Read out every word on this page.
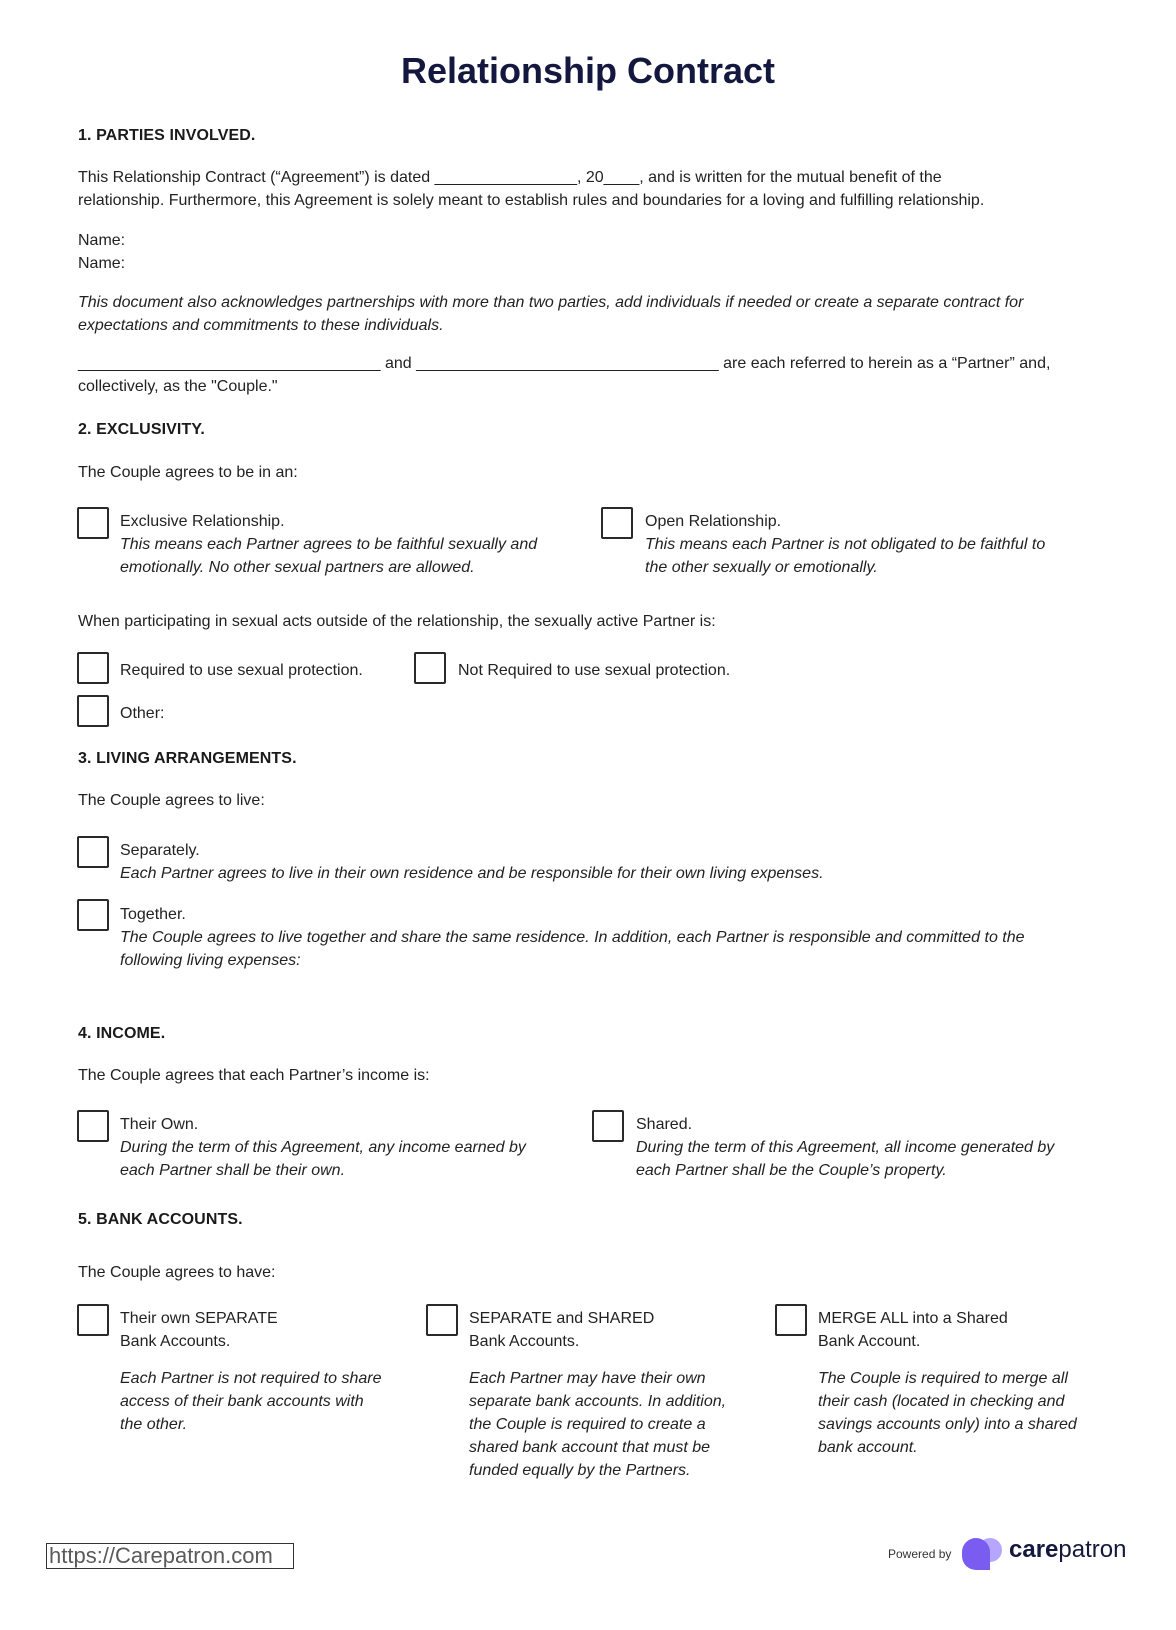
Relationship Contract
1. PARTIES INVOLVED.
This Relationship Contract (“Agreement”) is dated ________________, 20____, and is written for the mutual benefit of the
relationship. Furthermore, this Agreement is solely meant to establish rules and boundaries for a loving and fulfilling relationship.
Name:
Name:
This document also acknowledges partnerships with more than two parties, add individuals if needed or create a separate contract for
expectations and commitments to these individuals.
__________________________________ and __________________________________ are each referred to herein as a “Partner” and,
collectively, as the "Couple."
2. EXCLUSIVITY.
The Couple agrees to be in an:
Exclusive Relationship.
This means each Partner agrees to be faithful sexually and
emotionally. No other sexual partners are allowed.
Open Relationship.
This means each Partner is not obligated to be faithful to
the other sexually or emotionally.
When participating in sexual acts outside of the relationship, the sexually active Partner is:
Required to use sexual protection.	Not Required to use sexual protection.
Other:
3. LIVING ARRANGEMENTS.
The Couple agrees to live:
Separately.
Each Partner agrees to live in their own residence and be responsible for their own living expenses.
Together.
The Couple agrees to live together and share the same residence. In addition, each Partner is responsible and committed to the
following living expenses:
4. INCOME.
The Couple agrees that each Partner’s income is:
Their Own.
During the term of this Agreement, any income earned by
each Partner shall be their own.
Shared.
During the term of this Agreement, all income generated by
each Partner shall be the Couple’s property.
5. BANK ACCOUNTS.
The Couple agrees to have:
Their own SEPARATE
Bank Accounts.
Each Partner is not required to share
access of their bank accounts with
the other.
SEPARATE and SHARED
Bank Accounts.
Each Partner may have their own
separate bank accounts. In addition,
the Couple is required to create a
shared bank account that must be
funded equally by the Partners.
MERGE ALL into a Shared
Bank Account.
The Couple is required to merge all
their cash (located in checking and
savings accounts only) into a shared
bank account.
https://Carepatron.com	Powered by carepatron
